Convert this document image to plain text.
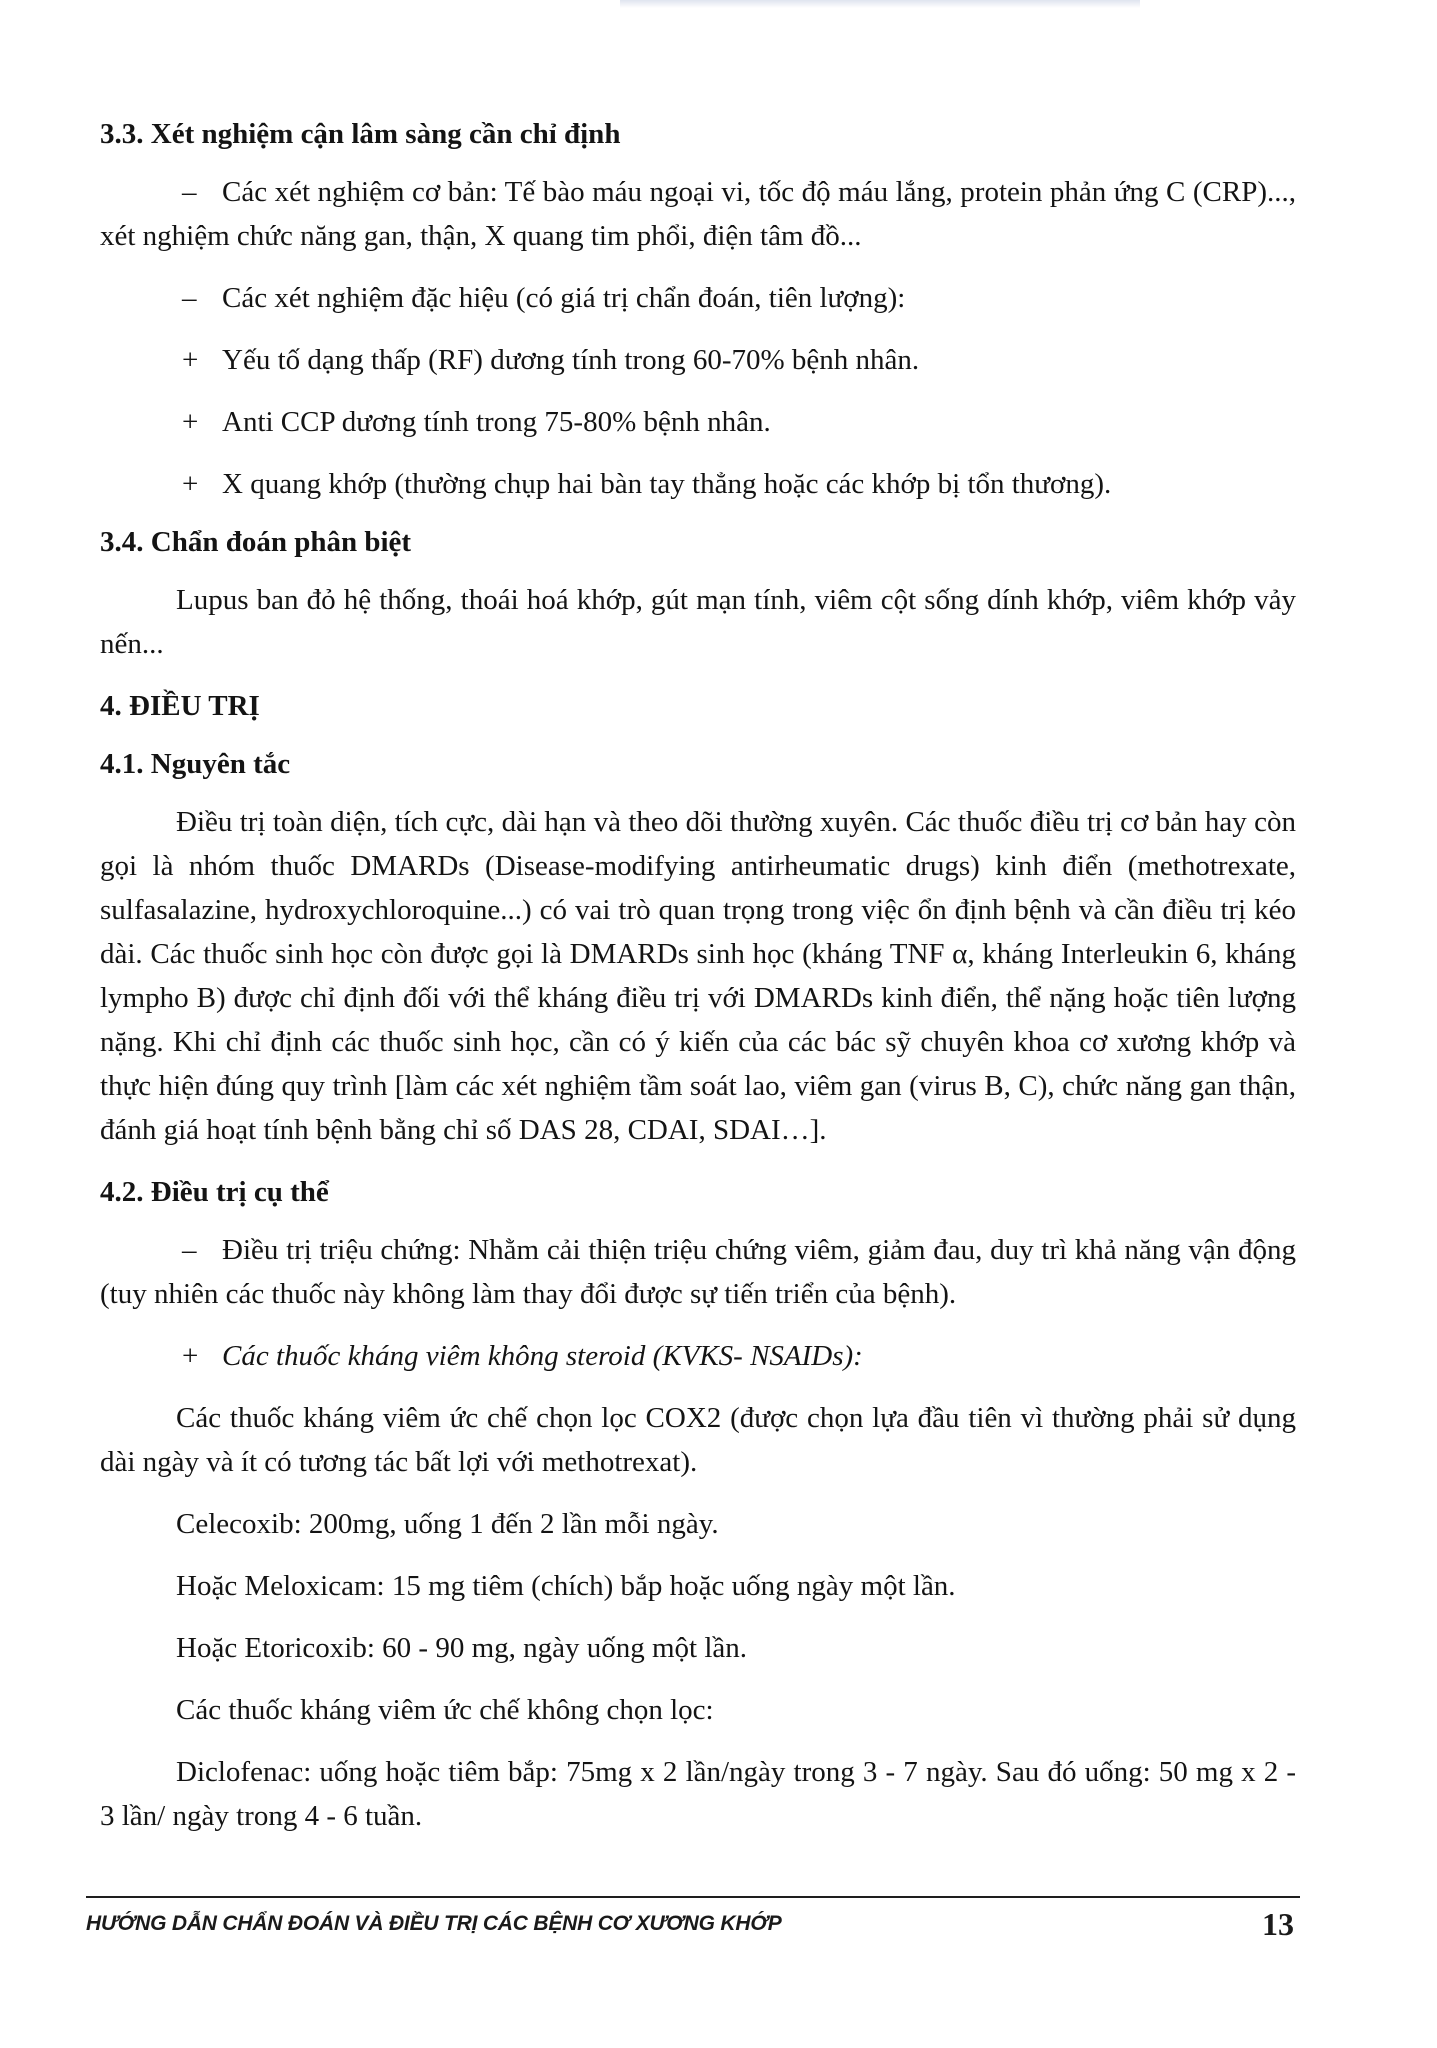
3.3. Xét nghiệm cận lâm sàng cần chỉ định

– Các xét nghiệm cơ bản: Tế bào máu ngoại vi, tốc độ máu lắng, protein phản ứng C (CRP)..., xét nghiệm chức năng gan, thận, X quang tim phổi, điện tâm đồ...

– Các xét nghiệm đặc hiệu (có giá trị chẩn đoán, tiên lượng):

+ Yếu tố dạng thấp (RF) dương tính trong 60-70% bệnh nhân.

+ Anti CCP dương tính trong 75-80% bệnh nhân.

+ X quang khớp (thường chụp hai bàn tay thẳng hoặc các khớp bị tổn thương).

3.4. Chẩn đoán phân biệt

Lupus ban đỏ hệ thống, thoái hoá khớp, gút mạn tính, viêm cột sống dính khớp, viêm khớp vảy nến...

4. ĐIỀU TRỊ

4.1. Nguyên tắc

Điều trị toàn diện, tích cực, dài hạn và theo dõi thường xuyên. Các thuốc điều trị cơ bản hay còn gọi là nhóm thuốc DMARDs (Disease-modifying antirheumatic drugs) kinh điển (methotrexate, sulfasalazine, hydroxychloroquine...) có vai trò quan trọng trong việc ổn định bệnh và cần điều trị kéo dài. Các thuốc sinh học còn được gọi là DMARDs sinh học (kháng TNF α, kháng Interleukin 6, kháng lympho B) được chỉ định đối với thể kháng điều trị với DMARDs kinh điển, thể nặng hoặc tiên lượng nặng. Khi chỉ định các thuốc sinh học, cần có ý kiến của các bác sỹ chuyên khoa cơ xương khớp và thực hiện đúng quy trình [làm các xét nghiệm tầm soát lao, viêm gan (virus B, C), chức năng gan thận, đánh giá hoạt tính bệnh bằng chỉ số DAS 28, CDAI, SDAI…].

4.2. Điều trị cụ thể

– Điều trị triệu chứng: Nhằm cải thiện triệu chứng viêm, giảm đau, duy trì khả năng vận động (tuy nhiên các thuốc này không làm thay đổi được sự tiến triển của bệnh).

+ Các thuốc kháng viêm không steroid (KVKS- NSAIDs):

Các thuốc kháng viêm ức chế chọn lọc COX2 (được chọn lựa đầu tiên vì thường phải sử dụng dài ngày và ít có tương tác bất lợi với methotrexat).

Celecoxib: 200mg, uống 1 đến 2 lần mỗi ngày.

Hoặc Meloxicam: 15 mg tiêm (chích) bắp hoặc uống ngày một lần.

Hoặc Etoricoxib: 60 - 90 mg, ngày uống một lần.

Các thuốc kháng viêm ức chế không chọn lọc:

Diclofenac: uống hoặc tiêm bắp: 75mg x 2 lần/ngày trong 3 - 7 ngày. Sau đó uống: 50 mg x 2 - 3 lần/ ngày trong 4 - 6 tuần.

HƯỚNG DẪN CHẨN ĐOÁN VÀ ĐIỀU TRỊ CÁC BỆNH CƠ XƯƠNG KHỚP	13
